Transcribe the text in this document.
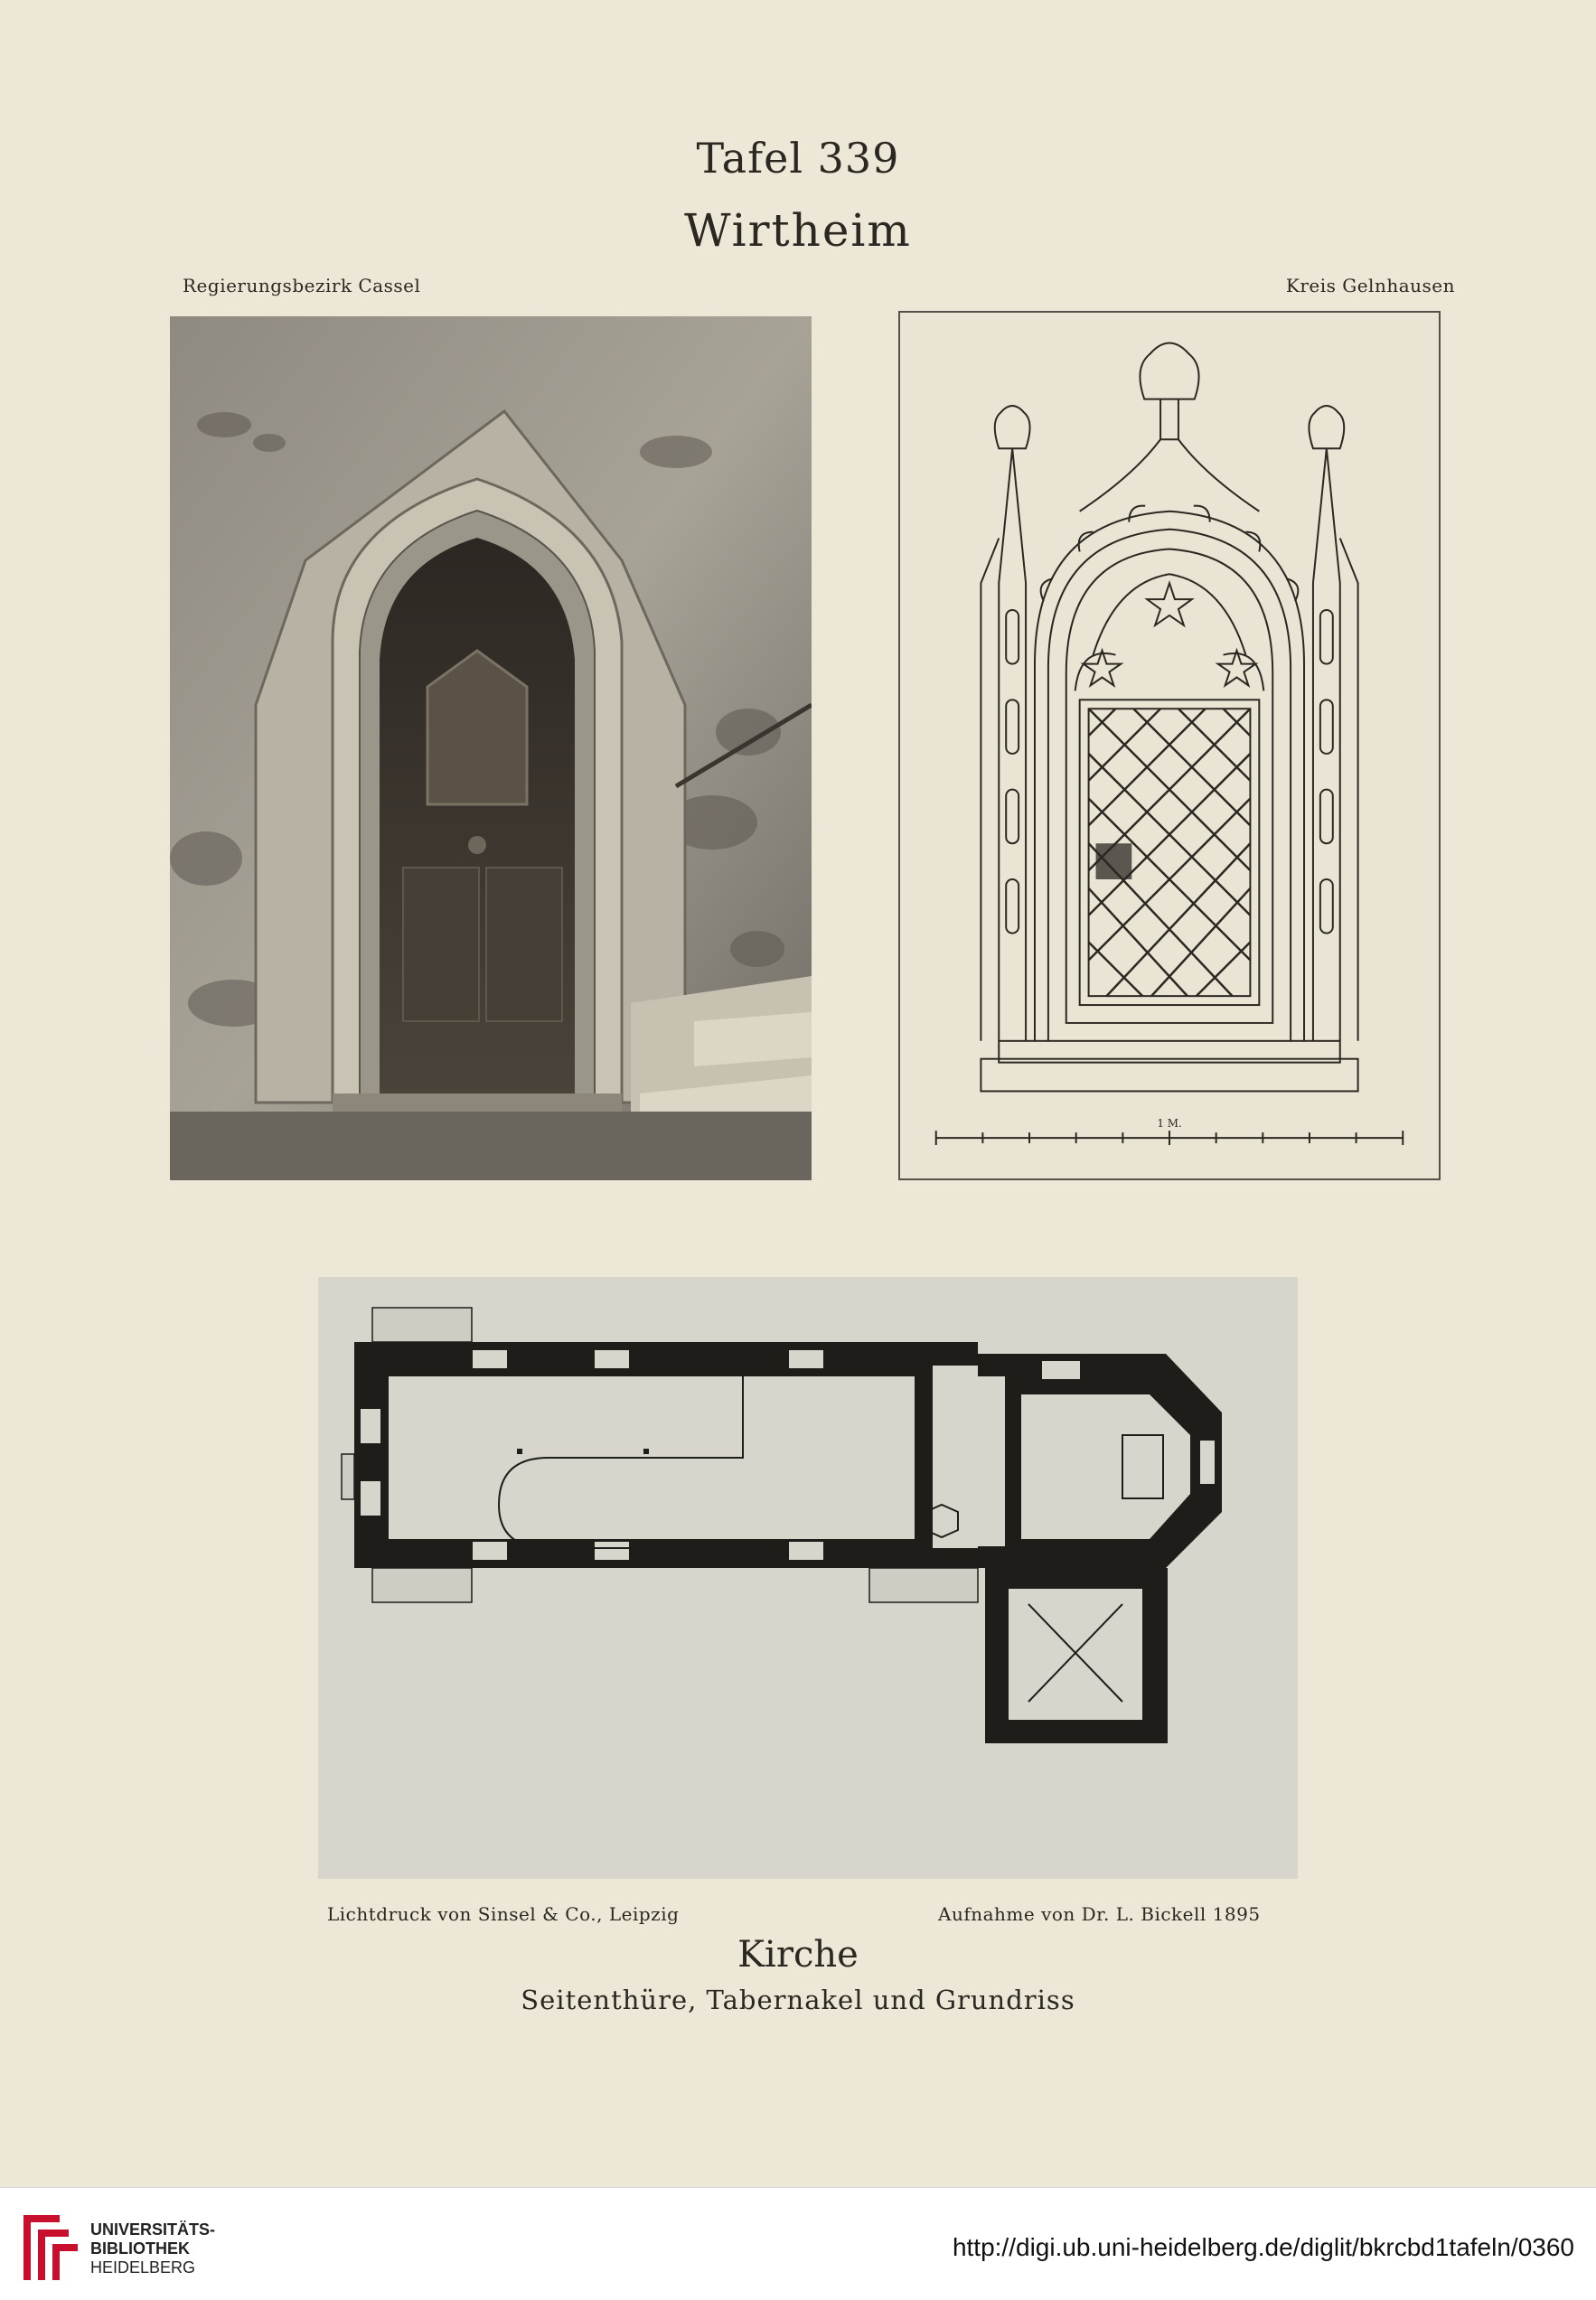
Tafel 339
Wirtheim
Regierungsbezirk Cassel	Kreis Gelnhausen
1 M.
Lichtdruck von Sinsel & Co., Leipzig	Aufnahme von Dr. L. Bickell 1895
Kirche
Seitenthüre, Tabernakel und Grundriss
UNIVERSITÄTS-
BIBLIOTHEK
HEIDELBERG
http://digi.ub.uni-heidelberg.de/diglit/bkrcbd1tafeln/0360
